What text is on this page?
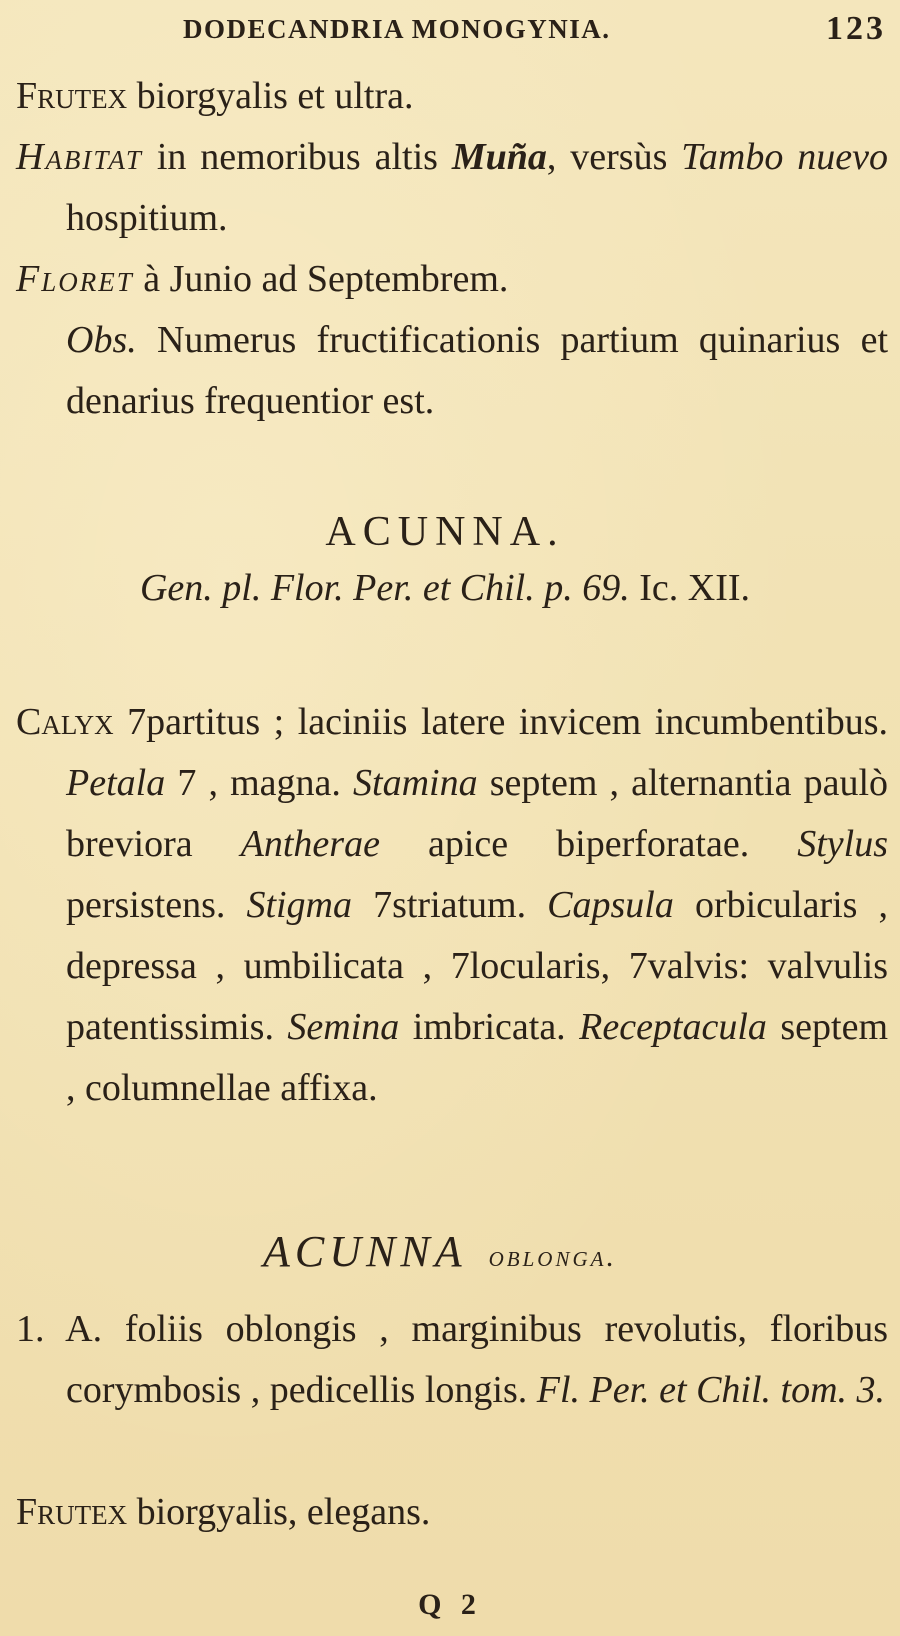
DODECANDRIA MONOGYNIA.	123
Frutex biorgyalis et ultra.
Habitat in nemoribus altis Muña, versùs Tambo nuevo hospitium.
Floret à Junio ad Septembrem.
Obs. Numerus fructificationis partium quinarius et denarius frequentior est.
ACUNNA.
Gen. pl. Flor. Per. et Chil. p. 69. Ic. XII.
Calyx 7partitus ; laciniis latere invicem incumbentibus. Petala 7 , magna. Stamina septem , alternantia paulò breviora Antherae apice biperforatae. Stylus persistens. Stigma 7striatum. Capsula orbicularis , depressa , umbilicata , 7locularis, 7valvis: valvulis patentissimis. Semina imbricata. Receptacula septem , columnellae affixa.
ACUNNA oblonga.
1. A. foliis oblongis , marginibus revolutis, floribus corymbosis , pedicellis longis. Fl. Per. et Chil. tom. 3.
Frutex biorgyalis, elegans.
Q 2
